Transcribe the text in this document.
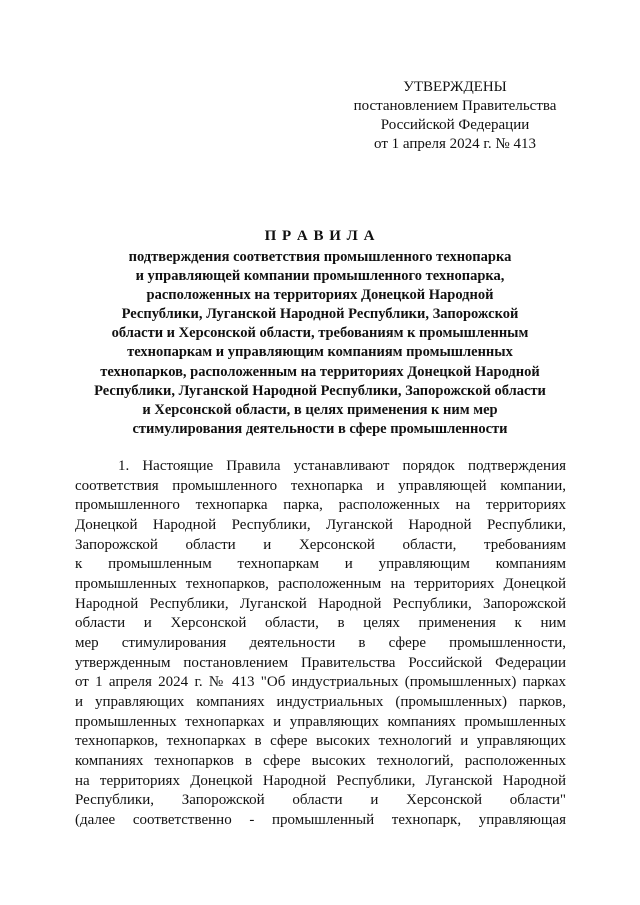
УТВЕРЖДЕНЫ
постановлением Правительства
Российской Федерации
от 1 апреля 2024 г. № 413
П Р А В И Л А
подтверждения соответствия промышленного технопарка
и управляющей компании промышленного технопарка,
расположенных на территориях Донецкой Народной
Республики, Луганской Народной Республики, Запорожской
области и Херсонской области, требованиям к промышленным
технопаркам и управляющим компаниям промышленных
технопарков, расположенным на территориях Донецкой Народной
Республики, Луганской Народной Республики, Запорожской области
и Херсонской области, в целях применения к ним мер
стимулирования деятельности в сфере промышленности
1. Настоящие Правила устанавливают порядок подтверждения
соответствия промышленного технопарка и управляющей компании,
промышленного технопарка парка, расположенных на территориях
Донецкой Народной Республики, Луганской Народной Республики,
Запорожской области и Херсонской области, требованиям
к промышленным технопаркам и управляющим компаниям
промышленных технопарков, расположенным на территориях Донецкой
Народной Республики, Луганской Народной Республики, Запорожской
области и Херсонской области, в целях применения к ним
мер стимулирования деятельности в сфере промышленности,
утвержденным постановлением Правительства Российской Федерации
от 1 апреля 2024 г. № 413 "Об индустриальных (промышленных) парках
и управляющих компаниях индустриальных (промышленных) парков,
промышленных технопарках и управляющих компаниях промышленных
технопарков, технопарках в сфере высоких технологий и управляющих
компаниях технопарков в сфере высоких технологий, расположенных
на территориях Донецкой Народной Республики, Луганской Народной
Республики, Запорожской области и Херсонской области"
(далее соответственно - промышленный технопарк, управляющая
